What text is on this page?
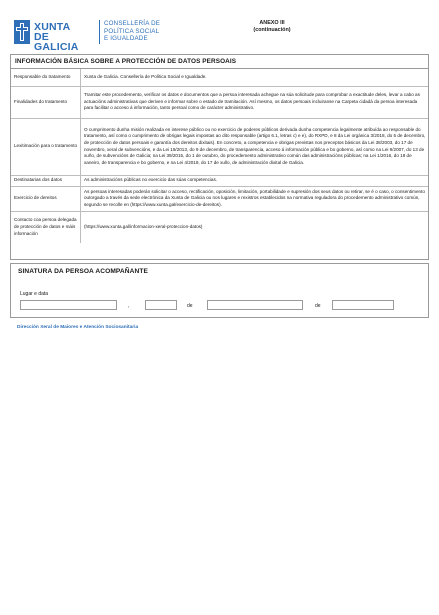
XUNTA
DE GALICIA
CONSELLERÍA DE
POLÍTICA SOCIAL
E IGUALDADE
ANEXO III
(continuación)
INFORMACIÓN BÁSICA SOBRE A PROTECCIÓN DE DATOS PERSOAIS
Responsable do tratamento	Xunta de Galicia. Consellería de Política Social e Igualdade.
Finalidades do tratamento	Tramitar este procedemento, verificar os datos e documentos que a persoa interesada achegue na súa solicitude para comprobar a exactitude deles, levar a cabo as actuacións administrativas que deriven e informar sobre o estado de tramitación. Así mesmo, os datos persoais incluiranse na Carpeta cidadá da persoa interesada para facilitar o acceso á información, tanto persoal como de carácter administrativo.
Lexitimación para o tratamento	O cumprimento dunha misión realizada en interese público ou no exercicio de poderes públicos derivada dunha competencia legalmente atribuída ao responsable do tratamento, así como o cumprimento de obrigas legais impostas ao dito responsable (artigo 6.1, letras c) e e), do RXPD, e 8 da Lei orgánica 3/2018, do 5 de decembro, de protección de datos persoais e garantía dos dereitos dixitais). En concreto, a competencia e obrigas previstas nos preceptos básicos da Lei 38/2003, do 17 de novembro, xeral de subvencións, e da Lei 19/2013, do 9 de decembro, de transparencia, acceso á información pública e bo goberno, así como na Lei 9/2007, do 13 de xuño, de subvencións de Galicia; na Lei 39/2015, do 1 de outubro, do procedemento administrativo común das administracións públicas; na Lei 1/2016, do 18 de xaneiro, de transparencia e bo goberno, e na Lei 4/2019, do 17 de xullo, de administración dixital de Galicia.
Destinatarias dos datos	As administracións públicas no exercicio das súas competencias.
Exercicio de dereitos	As persoas interesadas poderán solicitar o acceso, rectificación, oposición, limitación, portabilidade e supresión dos seus datos ou retirar, se é o caso, o consentimento outorgado a través da sede electrónica da Xunta de Galicia ou nos lugares e rexistros establecidos na normativa reguladora do procedemento administrativo común, segundo se recolle en (https://www.xunta.gal/exercicio-de-dereitos).
Contacto coa persoa delegada de protección de datos e máis información	(https://www.xunta.gal/informacion-xeral-proteccion-datos)
SINATURA DA PERSOA ACOMPAÑANTE
Lugar e data
,	de	de
Dirección Xeral de Maiores e Atención Sociosanitaria
